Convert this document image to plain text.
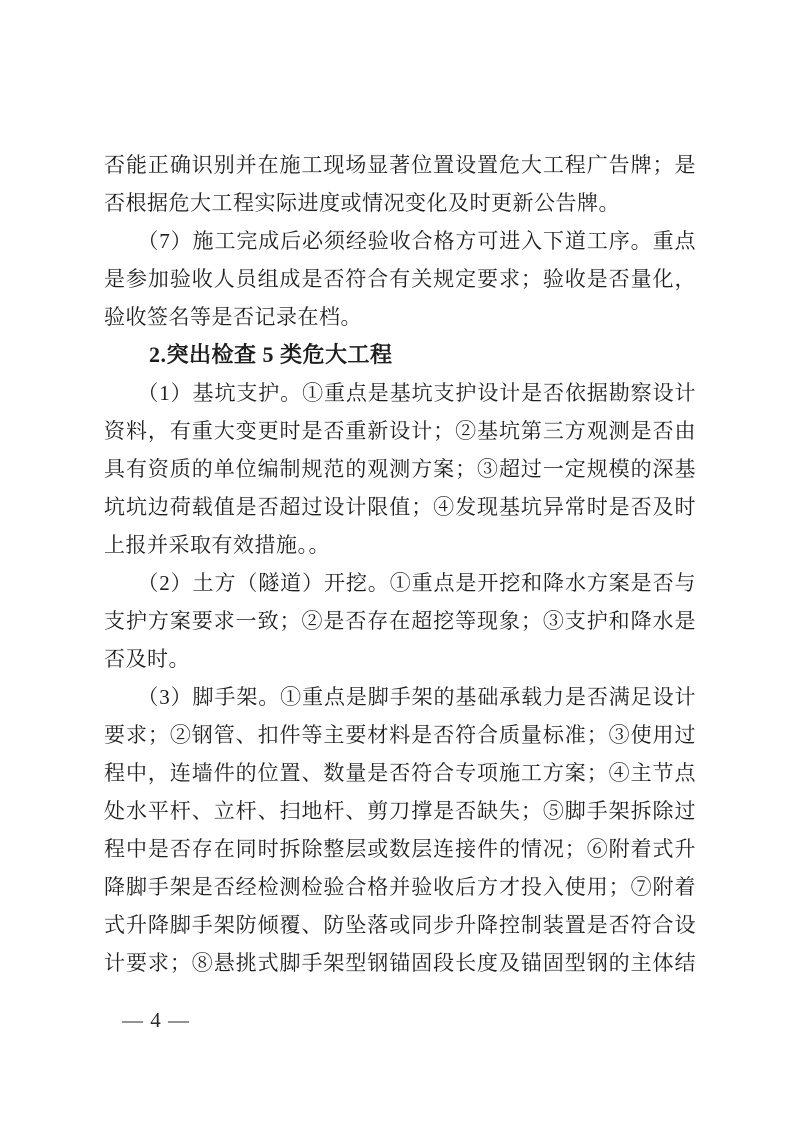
否能正确识别并在施工现场显著位置设置危大工程广告牌；是
否根据危大工程实际进度或情况变化及时更新公告牌。
　　（7）施工完成后必须经验收合格方可进入下道工序。重点
是参加验收人员组成是否符合有关规定要求；验收是否量化，
验收签名等是否记录在档。
　　2.突出检查 5 类危大工程
　　（1）基坑支护。①重点是基坑支护设计是否依据勘察设计
资料，有重大变更时是否重新设计；②基坑第三方观测是否由
具有资质的单位编制规范的观测方案；③超过一定规模的深基
坑坑边荷载值是否超过设计限值；④发现基坑异常时是否及时
上报并采取有效措施。。
　　（2）土方（隧道）开挖。①重点是开挖和降水方案是否与
支护方案要求一致；②是否存在超挖等现象；③支护和降水是
否及时。
　　（3）脚手架。①重点是脚手架的基础承载力是否满足设计
要求；②钢管、扣件等主要材料是否符合质量标准；③使用过
程中，连墙件的位置、数量是否符合专项施工方案；④主节点
处水平杆、立杆、扫地杆、剪刀撑是否缺失；⑤脚手架拆除过
程中是否存在同时拆除整层或数层连接件的情况；⑥附着式升
降脚手架是否经检测检验合格并验收后方才投入使用；⑦附着
式升降脚手架防倾覆、防坠落或同步升降控制装置是否符合设
计要求；⑧悬挑式脚手架型钢锚固段长度及锚固型钢的主体结
— 4 —
